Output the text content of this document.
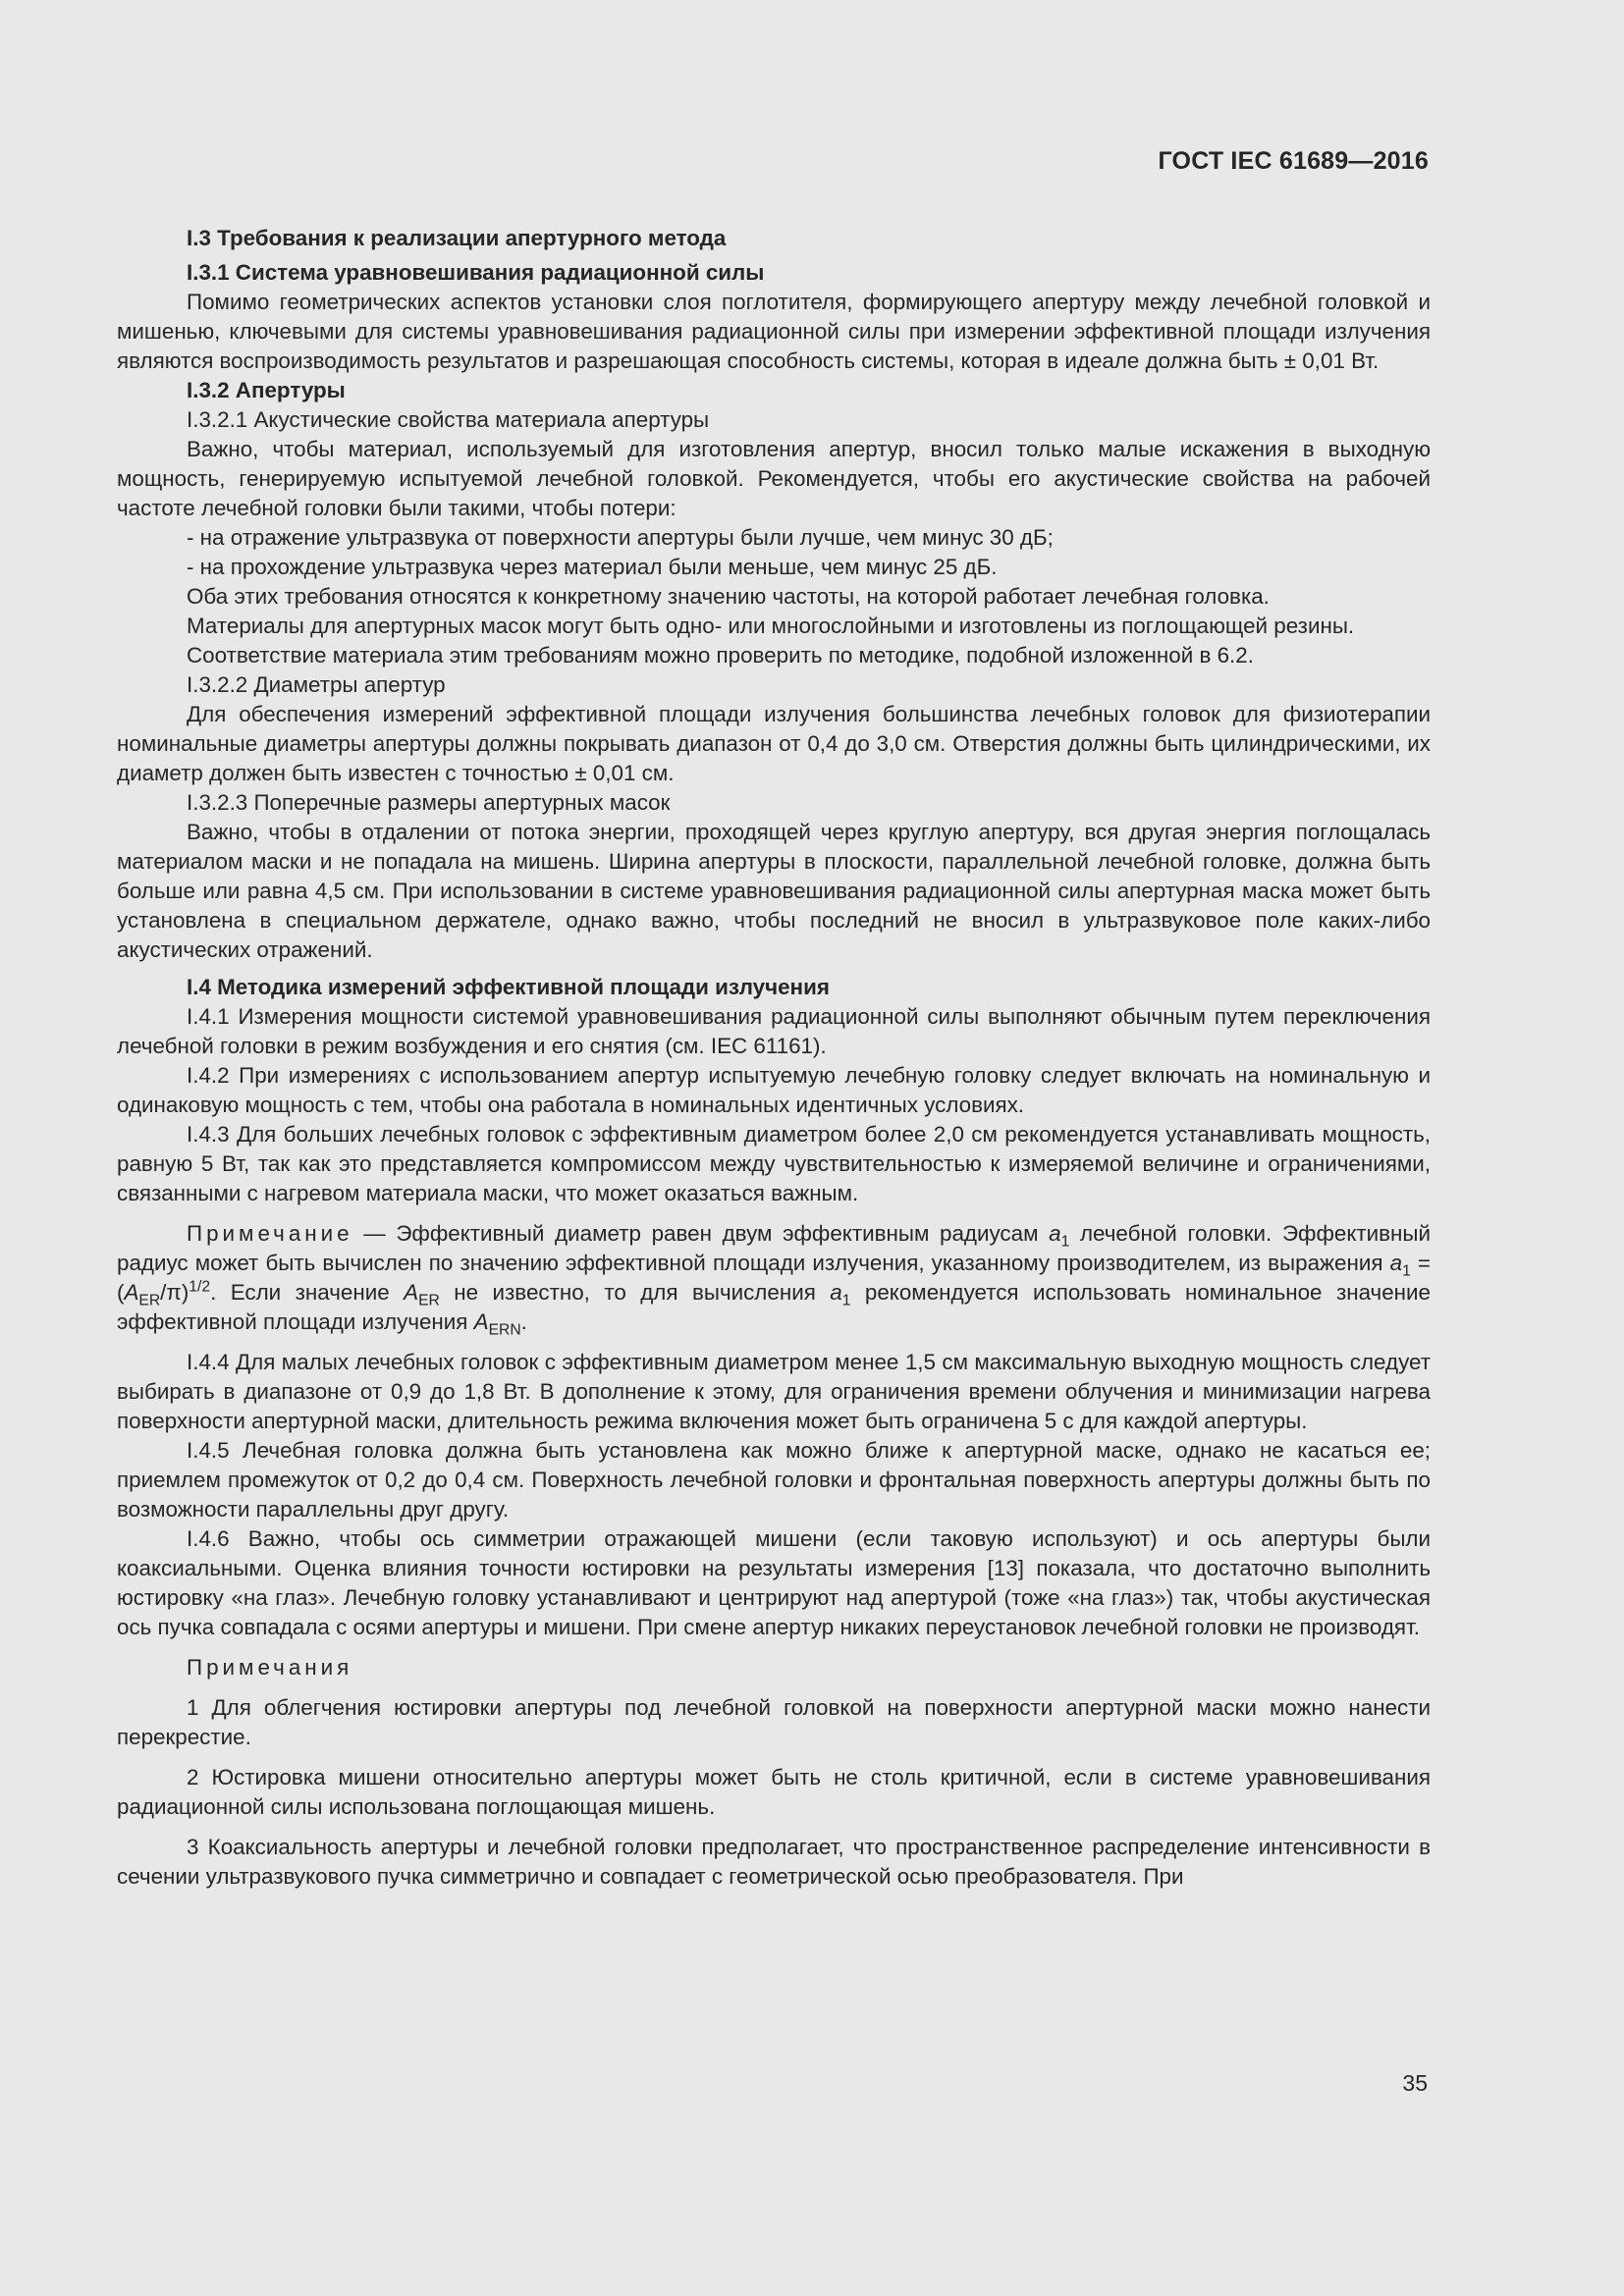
ГОСТ IEC 61689—2016

I.3 Требования к реализации апертурного метода

I.3.1 Система уравновешивания радиационной силы

Помимо геометрических аспектов установки слоя поглотителя, формирующего апертуру между лечебной головкой и мишенью, ключевыми для системы уравновешивания радиационной силы при измерении эффективной площади излучения являются воспроизводимость результатов и разрешающая способность системы, которая в идеале должна быть ± 0,01 Вт.

I.3.2 Апертуры

I.3.2.1 Акустические свойства материала апертуры

Важно, чтобы материал, используемый для изготовления апертур, вносил только малые искажения в выходную мощность, генерируемую испытуемой лечебной головкой. Рекомендуется, чтобы его акустические свойства на рабочей частоте лечебной головки были такими, чтобы потери:

- на отражение ультразвука от поверхности апертуры были лучше, чем минус 30 дБ;

- на прохождение ультразвука через материал были меньше, чем минус 25 дБ.

Оба этих требования относятся к конкретному значению частоты, на которой работает лечебная головка.

Материалы для апертурных масок могут быть одно- или многослойными и изготовлены из поглощающей резины.

Соответствие материала этим требованиям можно проверить по методике, подобной изложенной в 6.2.

I.3.2.2 Диаметры апертур

Для обеспечения измерений эффективной площади излучения большинства лечебных головок для физиотерапии номинальные диаметры апертуры должны покрывать диапазон от 0,4 до 3,0 см. Отверстия должны быть цилиндрическими, их диаметр должен быть известен с точностью ± 0,01 см.

I.3.2.3 Поперечные размеры апертурных масок

Важно, чтобы в отдалении от потока энергии, проходящей через круглую апертуру, вся другая энергия поглощалась материалом маски и не попадала на мишень. Ширина апертуры в плоскости, параллельной лечебной головке, должна быть больше или равна 4,5 см. При использовании в системе уравновешивания радиационной силы апертурная маска может быть установлена в специальном держателе, однако важно, чтобы последний не вносил в ультразвуковое поле каких-либо акустических отражений.

I.4 Методика измерений эффективной площади излучения

I.4.1 Измерения мощности системой уравновешивания радиационной силы выполняют обычным путем переключения лечебной головки в режим возбуждения и его снятия (см. IEC 61161).

I.4.2 При измерениях с использованием апертур испытуемую лечебную головку следует включать на номинальную и одинаковую мощность с тем, чтобы она работала в номинальных идентичных условиях.

I.4.3 Для больших лечебных головок с эффективным диаметром более 2,0 см рекомендуется устанавливать мощность, равную 5 Вт, так как это представляется компромиссом между чувствительностью к измеряемой величине и ограничениями, связанными с нагревом материала маски, что может оказаться важным.

Примечание — Эффективный диаметр равен двум эффективным радиусам $a_1$ лечебной головки. Эффективный радиус может быть вычислен по значению эффективной площади излучения, указанному производителем, из выражения $a_1 = (A_{ER}/\pi)^{1/2}$. Если значение $A_{ER}$ не известно, то для вычисления $a_1$ рекомендуется использовать номинальное значение эффективной площади излучения $A_{ERN}$.

I.4.4 Для малых лечебных головок с эффективным диаметром менее 1,5 см максимальную выходную мощность следует выбирать в диапазоне от 0,9 до 1,8 Вт. В дополнение к этому, для ограничения времени облучения и минимизации нагрева поверхности апертурной маски, длительность режима включения может быть ограничена 5 с для каждой апертуры.

I.4.5 Лечебная головка должна быть установлена как можно ближе к апертурной маске, однако не касаться ее; приемлем промежуток от 0,2 до 0,4 см. Поверхность лечебной головки и фронтальная поверхность апертуры должны быть по возможности параллельны друг другу.

I.4.6 Важно, чтобы ось симметрии отражающей мишени (если таковую используют) и ось апертуры были коаксиальными. Оценка влияния точности юстировки на результаты измерения [13] показала, что достаточно выполнить юстировку «на глаз». Лечебную головку устанавливают и центрируют над апертурой (тоже «на глаз») так, чтобы акустическая ось пучка совпадала с осями апертуры и мишени. При смене апертур никаких переустановок лечебной головки не производят.

Примечания

1 Для облегчения юстировки апертуры под лечебной головкой на поверхности апертурной маски можно нанести перекрестие.

2 Юстировка мишени относительно апертуры может быть не столь критичной, если в системе уравновешивания радиационной силы использована поглощающая мишень.

3 Коаксиальность апертуры и лечебной головки предполагает, что пространственное распределение интенсивности в сечении ультразвукового пучка симметрично и совпадает с геометрической осью преобразователя. При

35
